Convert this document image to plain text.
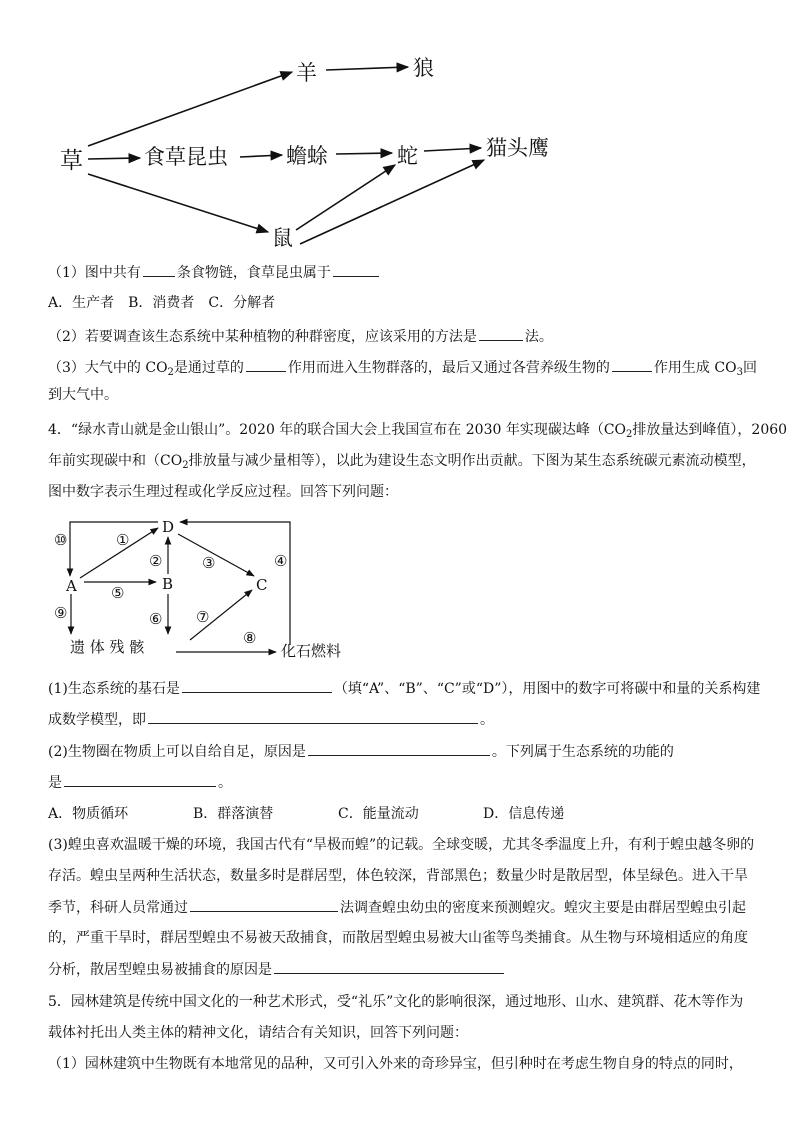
羊	狼
草	食草昆虫	蟾蜍	蛇	猫头鹰
鼠
（1）图中共有	条食物链，食草昆虫属于
A．生产者　B．消费者　C．分解者
（2）若要调查该生态系统中某种植物的种群密度，应该采用的方法是	法。
（3）大气中的 $CO_2$是通过草的	作用而进入生物群落的，最后又通过各营养级生物的	作用生成 $CO_3$回
到大气中。
4．“绿水青山就是金山银山”。2020 年的联合国大会上我国宣布在 2030 年实现碳达峰（$CO_2$排放量达到峰值），2060
年前实现碳中和（$CO_2$排放量与减少量相等），以此为建设生态文明作出贡献。下图为某生态系统碳元素流动模型，
图中数字表示生理过程或化学反应过程。回答下列问题：
D
A	B	C
遗 体 残 骸	化石燃料
⑩	①
②	③	④
⑤
⑨	⑥ ⑦
⑧
(1)生态系统的基石是	（填“A”、“B”、“C”或“D”），用图中的数字可将碳中和量的关系构建
成数学模型，即	。
(2)生物圈在物质上可以自给自足，原因是	。下列属于生态系统的功能的
是	。
A．物质循环	B．群落演替	C．能量流动	D．信息传递
(3)蝗虫喜欢温暖干燥的环境，我国古代有“旱极而蝗”的记载。全球变暖，尤其冬季温度上升，有利于蝗虫越冬卵的
存活。蝗虫呈两种生活状态，数量多时是群居型，体色较深，背部黑色；数量少时是散居型，体呈绿色。进入干旱
季节，科研人员常通过	法调查蝗虫幼虫的密度来预测蝗灾。蝗灾主要是由群居型蝗虫引起
的，严重干旱时，群居型蝗虫不易被天敌捕食，而散居型蝗虫易被大山雀等鸟类捕食。从生物与环境相适应的角度
分析，散居型蝗虫易被捕食的原因是
5．园林建筑是传统中国文化的一种艺术形式，受“礼乐”文化的影响很深，通过地形、山水、建筑群、花木等作为
载体衬托出人类主体的精神文化，请结合有关知识，回答下列问题：
（1）园林建筑中生物既有本地常见的品种，又可引入外来的奇珍异宝，但引种时在考虑生物自身的特点的同时，
